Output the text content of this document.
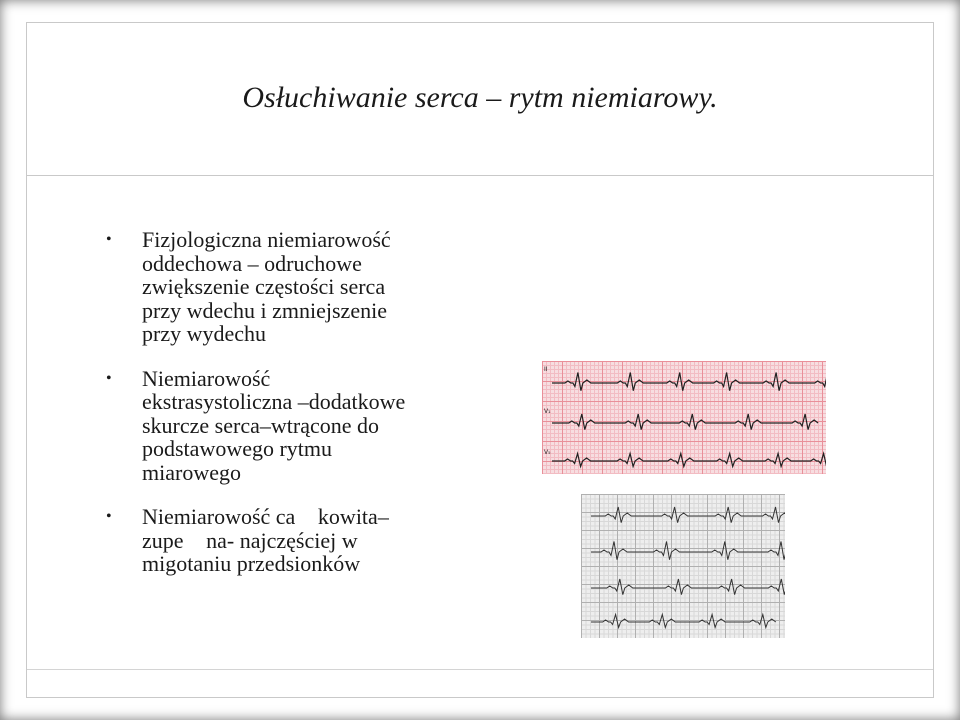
Osłuchiwanie serca – rytm niemiarowy.
• Fizjologiczna niemiarowość
oddechowa – odruchowe
zwiększenie częstości serca
przy wdechu i zmniejszenie
przy wydechu
• Niemiarowość
ekstrasystoliczna –dodatkowe
skurcze serca–wtrącone do
podstawowego rytmu
miarowego
• Niemiarowość ca  kowita–
zupe  na- najczęściej w
migotaniu przedsionków
II
V₁
V₅
